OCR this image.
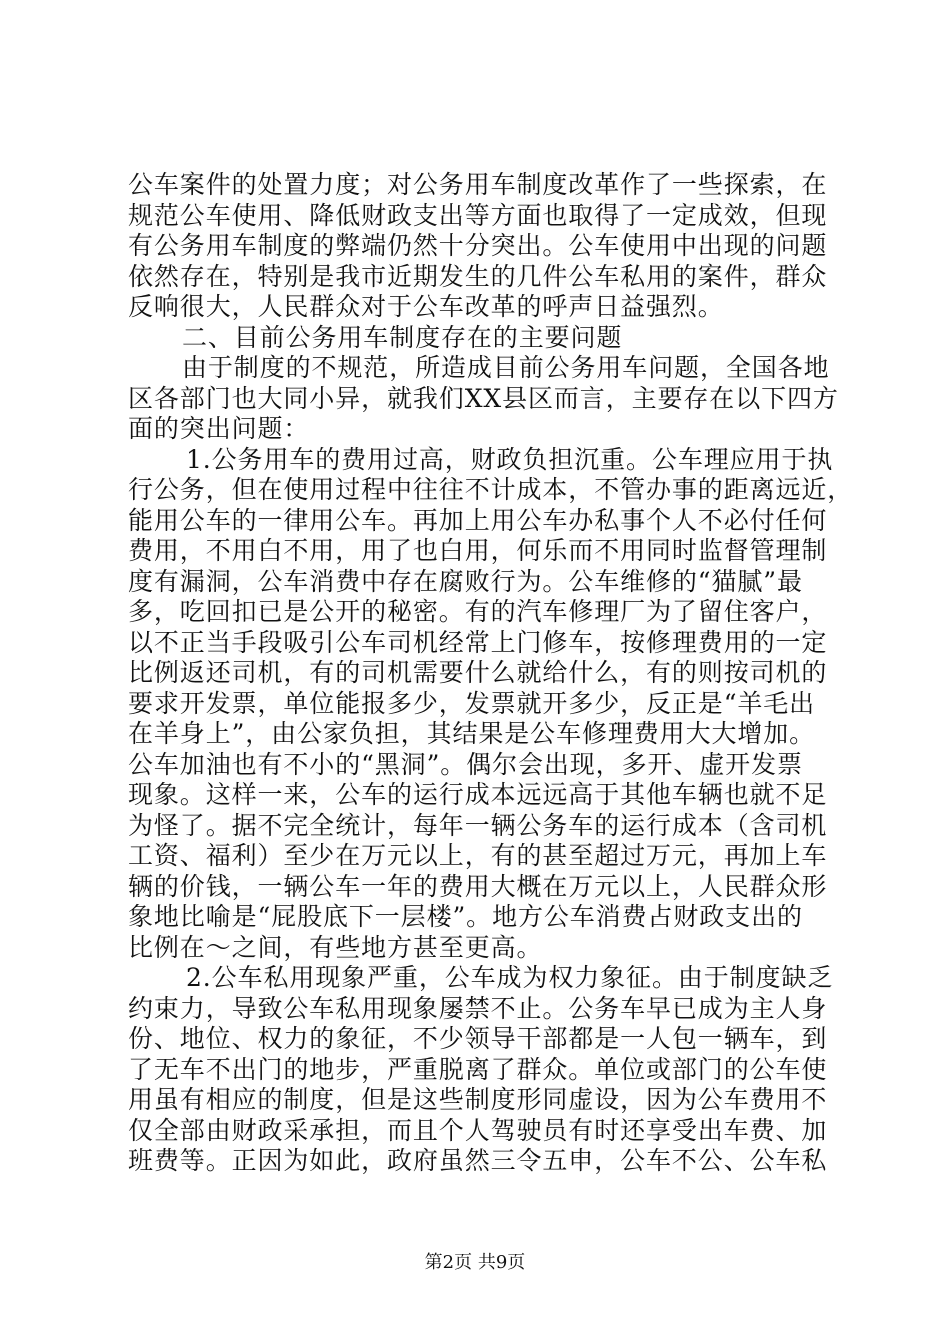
公车案件的处置力度；对公务用车制度改革作了一些探索，在
规范公车使用、降低财政支出等方面也取得了一定成效，但现
有公务用车制度的弊端仍然十分突出。公车使用中出现的问题
依然存在，特别是我市近期发生的几件公车私用的案件，群众
反响很大，人民群众对于公车改革的呼声日益强烈。
二、目前公务用车制度存在的主要问题
由于制度的不规范，所造成目前公务用车问题，全国各地
区各部门也大同小异，就我们XX县区而言，主要存在以下四方
面的突出问题：
1.公务用车的费用过高，财政负担沉重。公车理应用于执
行公务，但在使用过程中往往不计成本，不管办事的距离远近，
能用公车的一律用公车。再加上用公车办私事个人不必付任何
费用，不用白不用，用了也白用，何乐而不用同时监督管理制
度有漏洞，公车消费中存在腐败行为。公车维修的“猫腻”最
多，吃回扣已是公开的秘密。有的汽车修理厂为了留住客户，
以不正当手段吸引公车司机经常上门修车，按修理费用的一定
比例返还司机，有的司机需要什么就给什么，有的则按司机的
要求开发票，单位能报多少，发票就开多少，反正是“羊毛出
在羊身上”，由公家负担，其结果是公车修理费用大大增加。
公车加油也有不小的“黑洞”。偶尔会出现，多开、虚开发票
现象。这样一来，公车的运行成本远远高于其他车辆也就不足
为怪了。据不完全统计，每年一辆公务车的运行成本（含司机
工资、福利）至少在万元以上，有的甚至超过万元，再加上车
辆的价钱，一辆公车一年的费用大概在万元以上，人民群众形
象地比喻是“屁股底下一层楼”。地方公车消费占财政支出的
比例在～之间，有些地方甚至更高。
2.公车私用现象严重，公车成为权力象征。由于制度缺乏
约束力，导致公车私用现象屡禁不止。公务车早已成为主人身
份、地位、权力的象征，不少领导干部都是一人包一辆车，到
了无车不出门的地步，严重脱离了群众。单位或部门的公车使
用虽有相应的制度，但是这些制度形同虚设，因为公车费用不
仅全部由财政采承担，而且个人驾驶员有时还享受出车费、加
班费等。正因为如此，政府虽然三令五申，公车不公、公车私
第2页 共9页
